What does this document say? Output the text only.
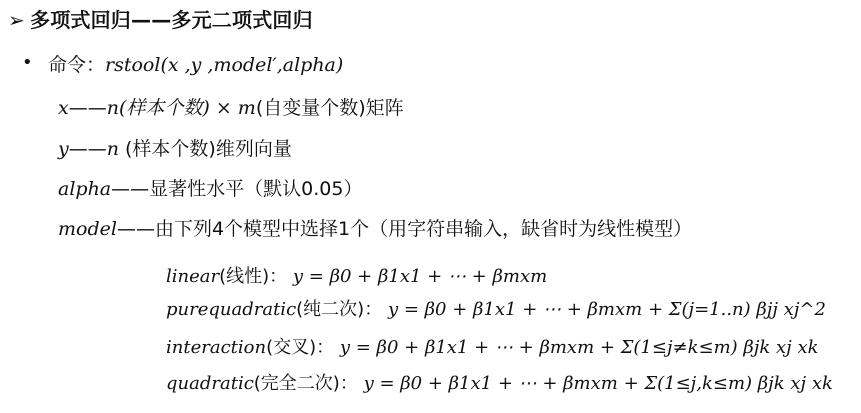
➢ 多项式回归——多元二项式回归
• 命令：rstool(x ,y ,model′,alpha)
x——n(样本个数) × m(自变量个数)矩阵
y——n (样本个数)维列向量
alpha——显著性水平（默认0.05）
model——由下列4个模型中选择1个（用字符串输入，缺省时为线性模型）
linear(线性)： y = β0 + β1x1 + ⋯ + βmxm
purequadratic(纯二次)： y = β0 + β1x1 + ⋯ + βmxm + Σ(j=1..n) βjj xj^2
interaction(交叉)： y = β0 + β1x1 + ⋯ + βmxm + Σ(1≤j≠k≤m) βjk xj xk
quadratic(完全二次)： y = β0 + β1x1 + ⋯ + βmxm + Σ(1≤j,k≤m) βjk xj xk
